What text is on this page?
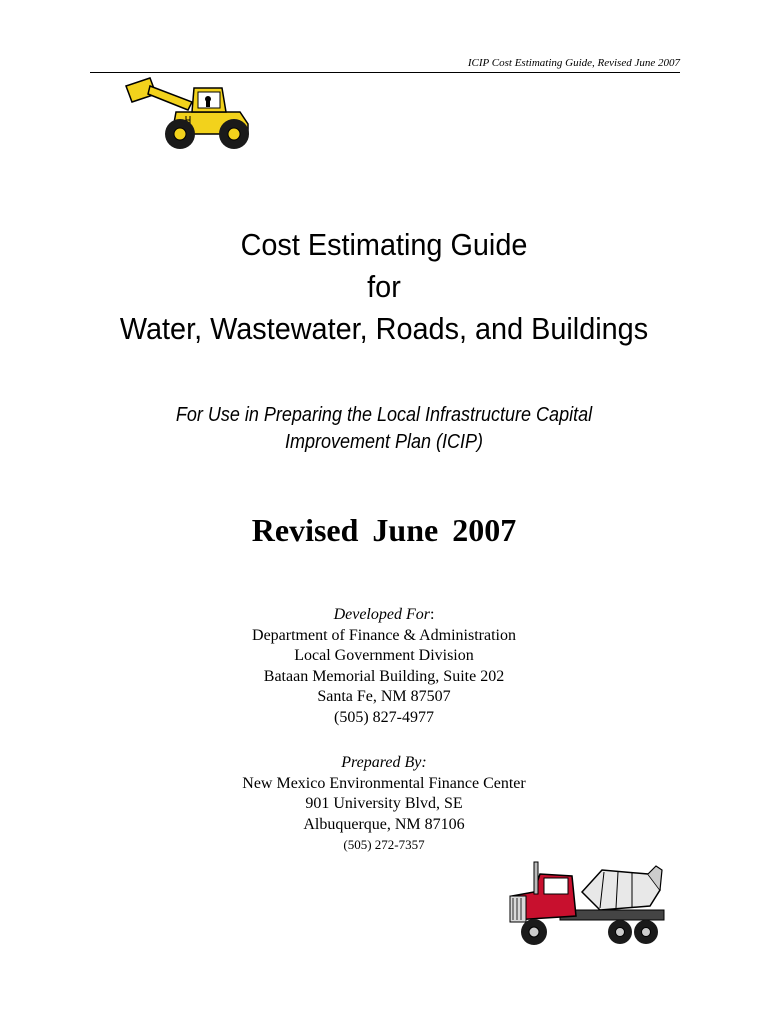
ICIP Cost Estimating Guide, Revised June 2007
Cost Estimating Guide
for
Water, Wastewater, Roads, and Buildings
For Use in Preparing the Local Infrastructure Capital
Improvement Plan (ICIP)
Revised June 2007
Developed For:
Department of Finance & Administration
Local Government Division
Bataan Memorial Building, Suite 202
Santa Fe, NM 87507
(505) 827-4977
Prepared By:
New Mexico Environmental Finance Center
901 University Blvd, SE
Albuquerque, NM 87106
(505) 272-7357
